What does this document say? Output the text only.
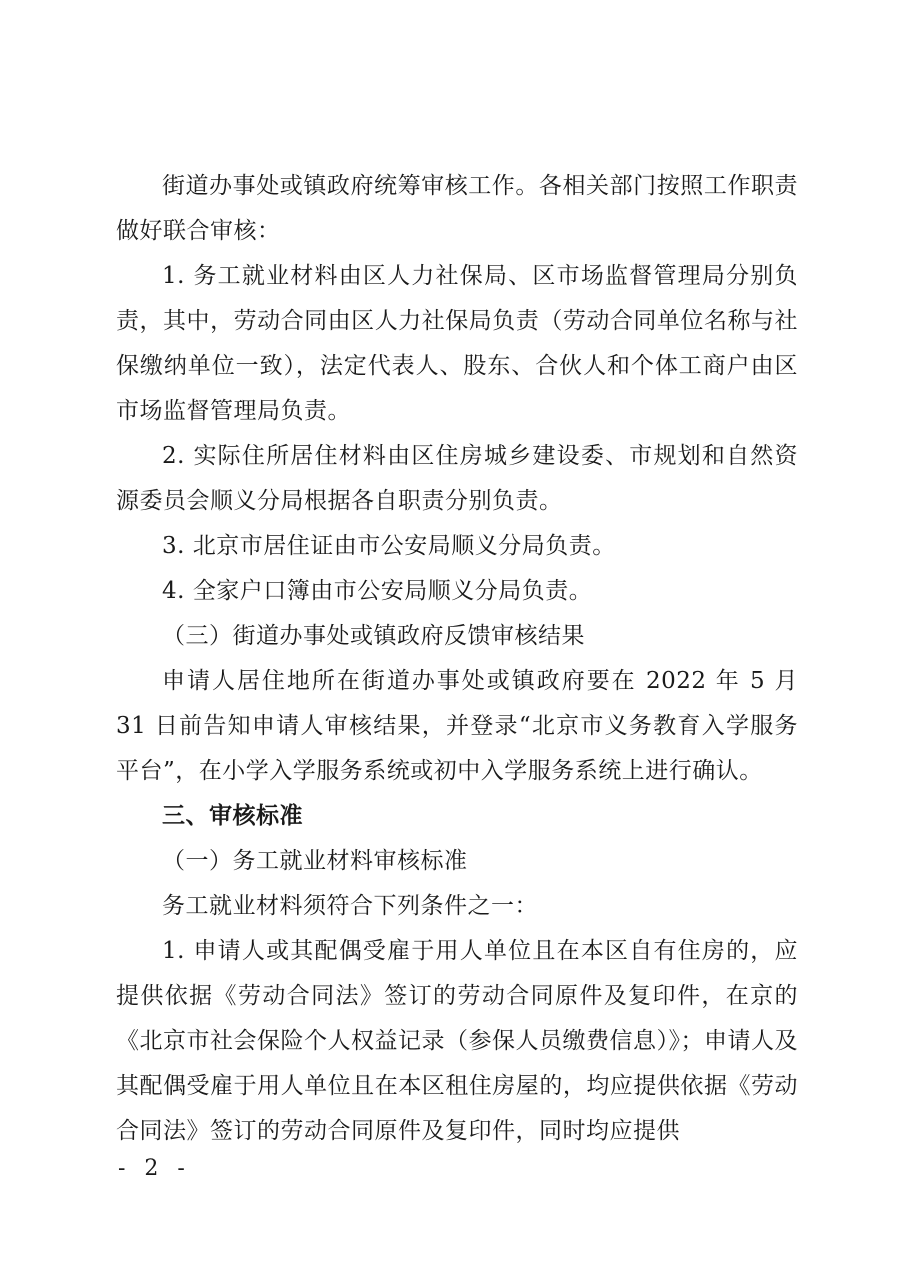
街道办事处或镇政府统筹审核工作。各相关部门按照工作职责做好联合审核：

1. 务工就业材料由区人力社保局、区市场监督管理局分别负责，其中，劳动合同由区人力社保局负责（劳动合同单位名称与社保缴纳单位一致），法定代表人、股东、合伙人和个体工商户由区市场监督管理局负责。

2. 实际住所居住材料由区住房城乡建设委、市规划和自然资源委员会顺义分局根据各自职责分别负责。

3. 北京市居住证由市公安局顺义分局负责。

4. 全家户口簿由市公安局顺义分局负责。

（三）街道办事处或镇政府反馈审核结果

申请人居住地所在街道办事处或镇政府要在 2022 年 5 月 31 日前告知申请人审核结果，并登录“北京市义务教育入学服务平台”，在小学入学服务系统或初中入学服务系统上进行确认。

三、审核标准

（一）务工就业材料审核标准

务工就业材料须符合下列条件之一：

1. 申请人或其配偶受雇于用人单位且在本区自有住房的，应提供依据《劳动合同法》签订的劳动合同原件及复印件，在京的《北京市社会保险个人权益记录（参保人员缴费信息）》；申请人及其配偶受雇于用人单位且在本区租住房屋的，均应提供依据《劳动合同法》签订的劳动合同原件及复印件，同时均应提供

- 2 -
